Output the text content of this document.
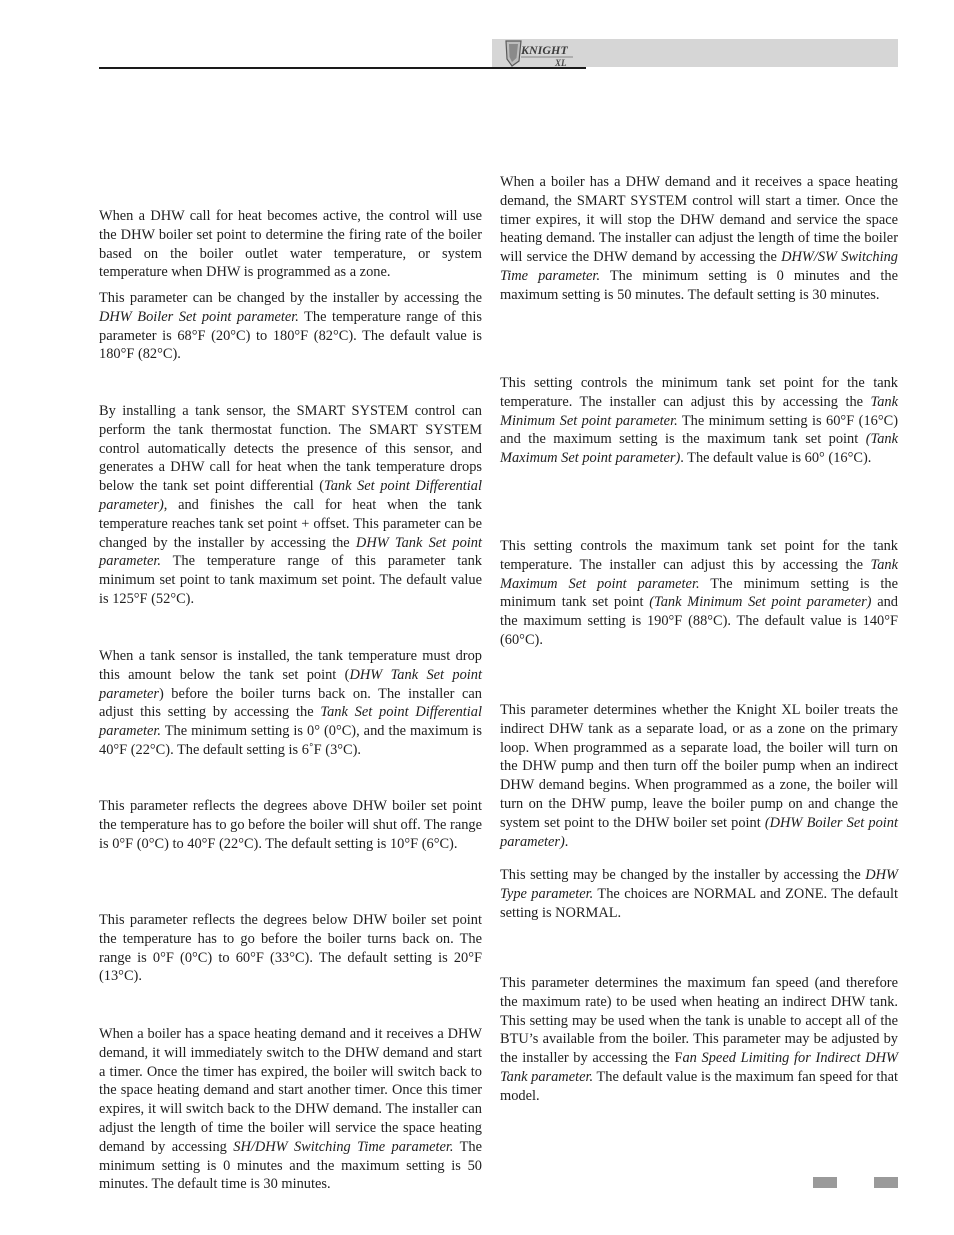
KNIGHT
XL

When a DHW call for heat becomes active, the control will use the DHW boiler set point to determine the firing rate of the boiler based on the boiler outlet water temperature, or system temperature when DHW is programmed as a zone.

This parameter can be changed by the installer by accessing the DHW Boiler Set point parameter. The temperature range of this parameter is 68°F (20°C) to 180°F (82°C). The default value is 180°F (82°C).

By installing a tank sensor, the SMART SYSTEM control can perform the tank thermostat function. The SMART SYSTEM control automatically detects the presence of this sensor, and generates a DHW call for heat when the tank temperature drops below the tank set point differential (Tank Set point Differential parameter), and finishes the call for heat when the tank temperature reaches tank set point + offset. This parameter can be changed by the installer by accessing the DHW Tank Set point parameter. The temperature range of this parameter tank minimum set point to tank maximum set point. The default value is 125°F (52°C).

When a tank sensor is installed, the tank temperature must drop this amount below the tank set point (DHW Tank Set point parameter) before the boiler turns back on. The installer can adjust this setting by accessing the Tank Set point Differential parameter. The minimum setting is 0° (0°C), and the maximum is 40°F (22°C). The default setting is 6˚F (3°C).

This parameter reflects the degrees above DHW boiler set point the temperature has to go before the boiler will shut off. The range is 0°F (0°C) to 40°F (22°C). The default setting is 10°F (6°C).

This parameter reflects the degrees below DHW boiler set point the temperature has to go before the boiler turns back on. The range is 0°F (0°C) to 60°F (33°C). The default setting is 20°F (13°C).

When a boiler has a space heating demand and it receives a DHW demand, it will immediately switch to the DHW demand and start a timer. Once the timer has expired, the boiler will switch back to the space heating demand and start another timer. Once this timer expires, it will switch back to the DHW demand. The installer can adjust the length of time the boiler will service the space heating demand by accessing SH/DHW Switching Time parameter. The minimum setting is 0 minutes and the maximum setting is 50 minutes. The default time is 30 minutes.

When a boiler has a DHW demand and it receives a space heating demand, the SMART SYSTEM control will start a timer. Once the timer expires, it will stop the DHW demand and service the space heating demand. The installer can adjust the length of time the boiler will service the DHW demand by accessing the DHW/SW Switching Time parameter. The minimum setting is 0 minutes and the maximum setting is 50 minutes. The default setting is 30 minutes.

This setting controls the minimum tank set point for the tank temperature. The installer can adjust this by accessing the Tank Minimum Set point parameter. The minimum setting is 60°F (16°C) and the maximum setting is the maximum tank set point (Tank Maximum Set point parameter). The default value is 60° (16°C).

This setting controls the maximum tank set point for the tank temperature. The installer can adjust this by accessing the Tank Maximum Set point parameter. The minimum setting is the minimum tank set point (Tank Minimum Set point parameter) and the maximum setting is 190°F (88°C). The default value is 140°F (60°C).

This parameter determines whether the Knight XL boiler treats the indirect DHW tank as a separate load, or as a zone on the primary loop. When programmed as a separate load, the boiler will turn on the DHW pump and then turn off the boiler pump when an indirect DHW demand begins. When programmed as a zone, the boiler will turn on the DHW pump, leave the boiler pump on and change the system set point to the DHW boiler set point (DHW Boiler Set point parameter).

This setting may be changed by the installer by accessing the DHW Type parameter. The choices are NORMAL and ZONE. The default setting is NORMAL.

This parameter determines the maximum fan speed (and therefore the maximum rate) to be used when heating an indirect DHW tank. This setting may be used when the tank is unable to accept all of the BTU’s available from the boiler. This parameter may be adjusted by the installer by accessing the Fan Speed Limiting for Indirect DHW Tank parameter. The default value is the maximum fan speed for that model.
